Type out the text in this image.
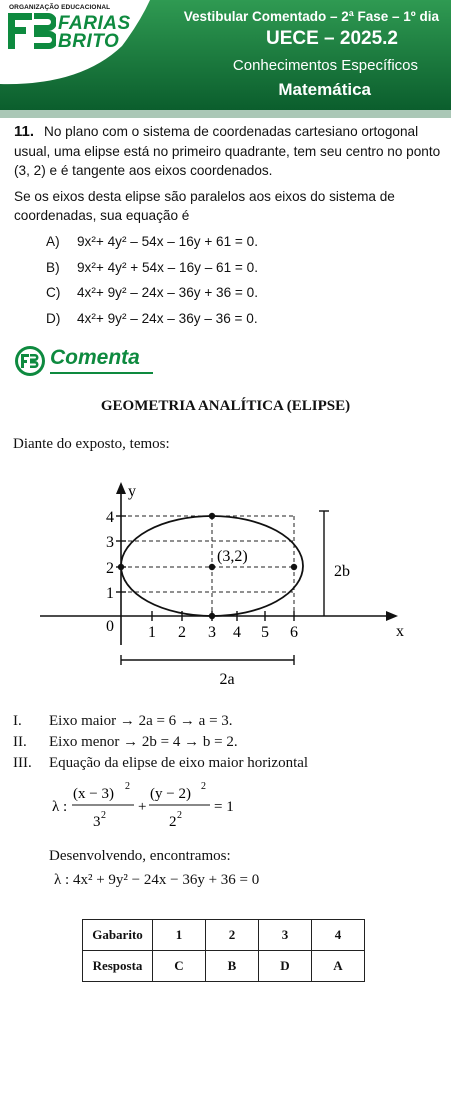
ORGANIZAÇÃO EDUCACIONAL
FARIAS
BRITO
Vestibular Comentado – 2ª Fase – 1º dia
UECE – 2025.2
Conhecimentos Específicos
Matemática

11. No plano com o sistema de coordenadas cartesiano ortogonal usual, uma elipse está no primeiro quadrante, tem seu centro no ponto (3, 2) e é tangente aos eixos coordenados.

Se os eixos desta elipse são paralelos aos eixos do sistema de coordenadas, sua equação é

A) 9x²+ 4y² – 54x – 16y + 61 = 0.
B) 9x²+ 4y² + 54x – 16y – 61 = 0.
C) 4x²+ 9y² – 24x – 36y + 36 = 0.
D) 4x²+ 9y² – 24x – 36y – 36 = 0.
Comenta
GEOMETRIA ANALÍTICA (ELIPSE)
Diante do exposto, temos:
y
x
0 1 2 3 4 5 6
1
2
3
4
(3,2)
2b
2a
I. Eixo maior → 2a = 6 → a = 3.
II. Eixo menor → 2b = 4 → b = 2.
III. Equação da elipse de eixo maior horizontal
λ :
(x − 3) 2
3 2
+
(y − 2) 2
2 2
= 1
Desenvolvendo, encontramos:
λ : 4x² + 9y² − 24x − 36y + 36 = 0
Gabarito	1	2	3	4
Resposta	C	B	D	A
